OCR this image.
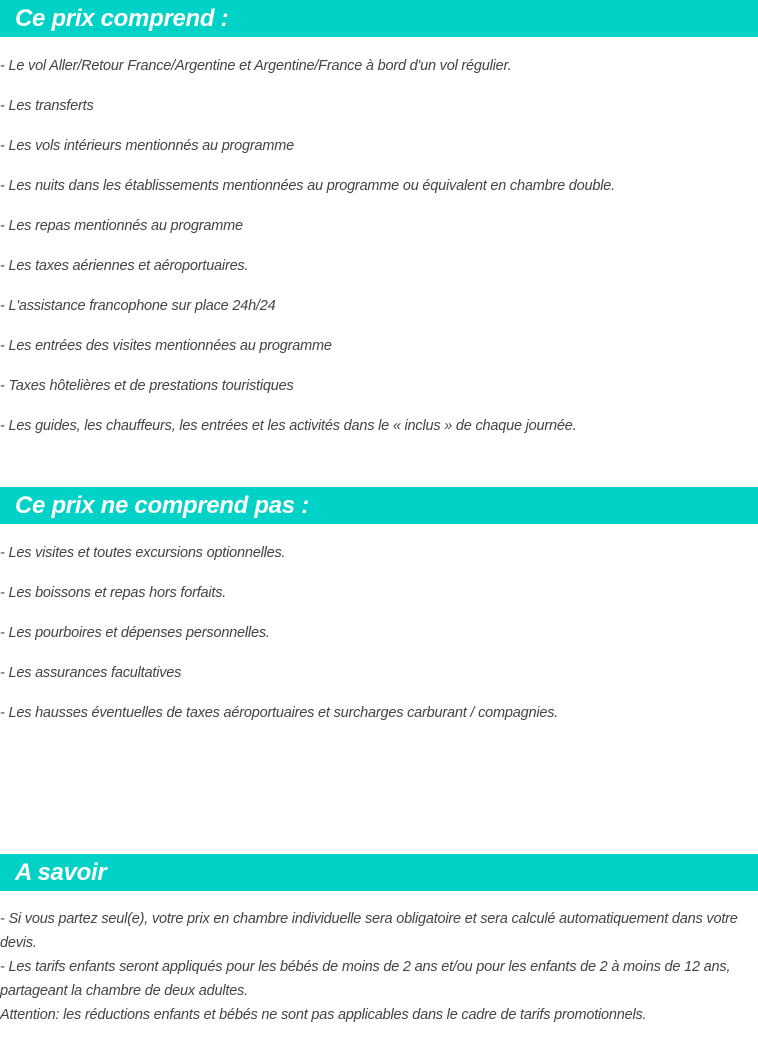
Ce prix comprend :
- Le vol Aller/Retour France/Argentine et Argentine/France à bord d'un vol régulier.
- Les transferts
- Les vols intérieurs mentionnés au programme
- Les nuits dans les établissements mentionnées au programme ou équivalent en chambre double.
- Les repas mentionnés au programme
- Les taxes aériennes et aéroportuaires.
- L'assistance francophone sur place 24h/24
- Les entrées des visites mentionnées au programme
- Taxes hôtelières et de prestations touristiques
- Les guides, les chauffeurs, les entrées et les activités dans le « inclus » de chaque journée.
Ce prix ne comprend pas :
- Les visites et toutes excursions optionnelles.
- Les boissons et repas hors forfaits.
- Les pourboires et dépenses personnelles.
- Les assurances facultatives
- Les hausses éventuelles de taxes aéroportuaires et surcharges carburant / compagnies.
A savoir

- Si vous partez seul(e), votre prix en chambre individuelle sera obligatoire et sera calculé automatiquement dans votre devis.

- Les tarifs enfants seront appliqués pour les bébés de moins de 2 ans et/ou pour les enfants de 2 à moins de 12 ans, partageant la chambre de deux adultes.

Attention: les réductions enfants et bébés ne sont pas applicables dans le cadre de tarifs promotionnels.
